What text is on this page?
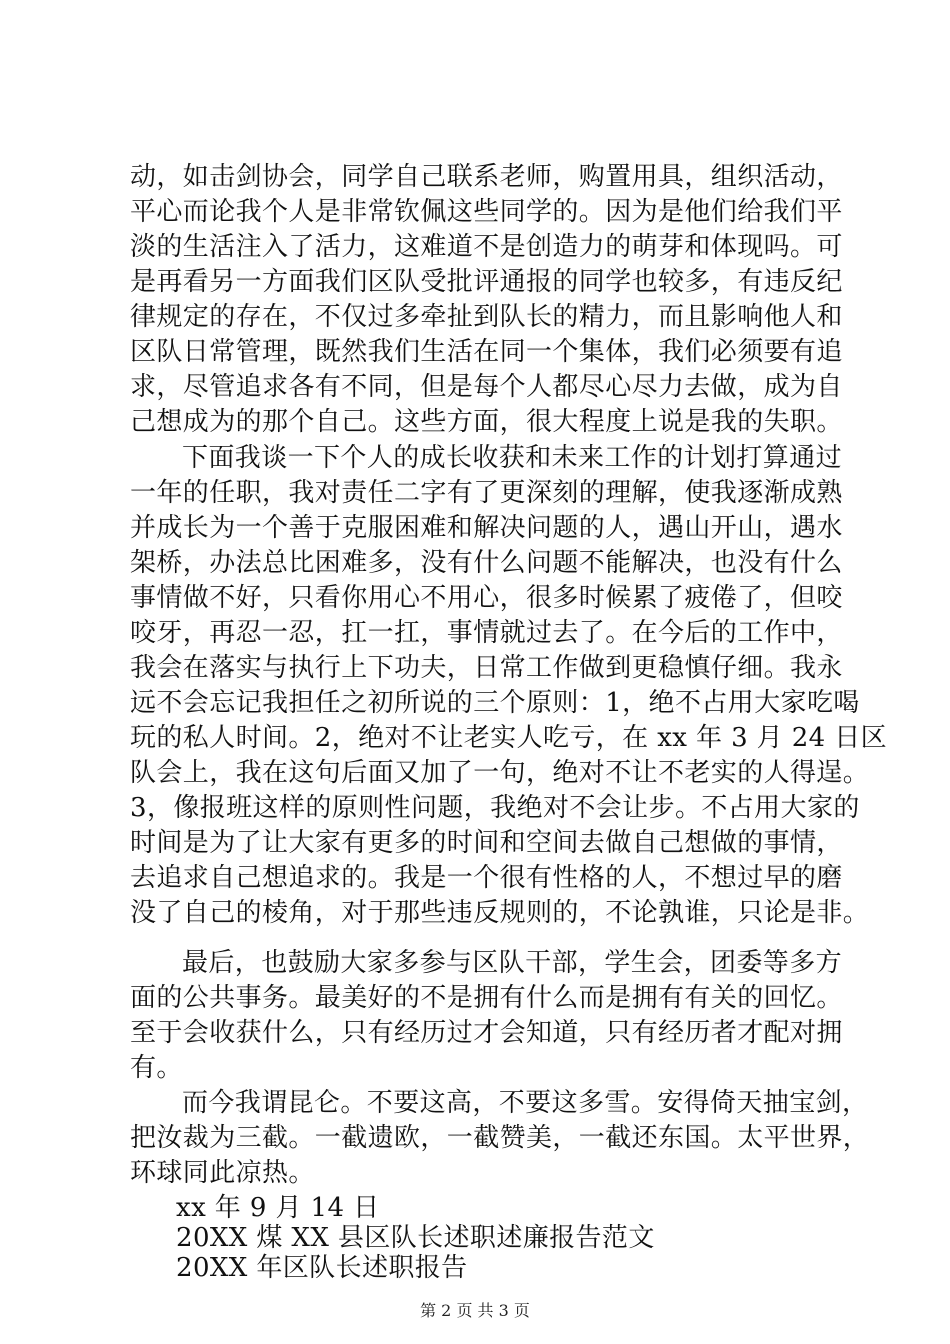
动，如击剑协会，同学自己联系老师，购置用具，组织活动，
平心而论我个人是非常钦佩这些同学的。因为是他们给我们平
淡的生活注入了活力，这难道不是创造力的萌芽和体现吗。可
是再看另一方面我们区队受批评通报的同学也较多，有违反纪
律规定的存在，不仅过多牵扯到队长的精力，而且影响他人和
区队日常管理，既然我们生活在同一个集体，我们必须要有追
求，尽管追求各有不同，但是每个人都尽心尽力去做，成为自
己想成为的那个自己。这些方面，很大程度上说是我的失职。
下面我谈一下个人的成长收获和未来工作的计划打算通过
一年的任职，我对责任二字有了更深刻的理解，使我逐渐成熟
并成长为一个善于克服困难和解决问题的人，遇山开山，遇水
架桥，办法总比困难多，没有什么问题不能解决，也没有什么
事情做不好，只看你用心不用心，很多时候累了疲倦了，但咬
咬牙，再忍一忍，扛一扛，事情就过去了。在今后的工作中，
我会在落实与执行上下功夫，日常工作做到更稳慎仔细。我永
远不会忘记我担任之初所说的三个原则：1，绝不占用大家吃喝
玩的私人时间。2，绝对不让老实人吃亏，在 xx 年 3 月 24 日区
队会上，我在这句后面又加了一句，绝对不让不老实的人得逞。
3，像报班这样的原则性问题，我绝对不会让步。不占用大家的
时间是为了让大家有更多的时间和空间去做自己想做的事情，
去追求自己想追求的。我是一个很有性格的人，不想过早的磨
没了自己的棱角，对于那些违反规则的，不论孰谁，只论是非。
最后，也鼓励大家多参与区队干部，学生会，团委等多方
面的公共事务。最美好的不是拥有什么而是拥有有关的回忆。
至于会收获什么，只有经历过才会知道，只有经历者才配对拥
有。
而今我谓昆仑。不要这高，不要这多雪。安得倚天抽宝剑，
把汝裁为三截。一截遗欧，一截赞美，一截还东国。太平世界，
环球同此凉热。
xx 年 9 月 14 日
20XX 煤 XX 县区队长述职述廉报告范文
20XX 年区队长述职报告
第 2 页 共 3 页
